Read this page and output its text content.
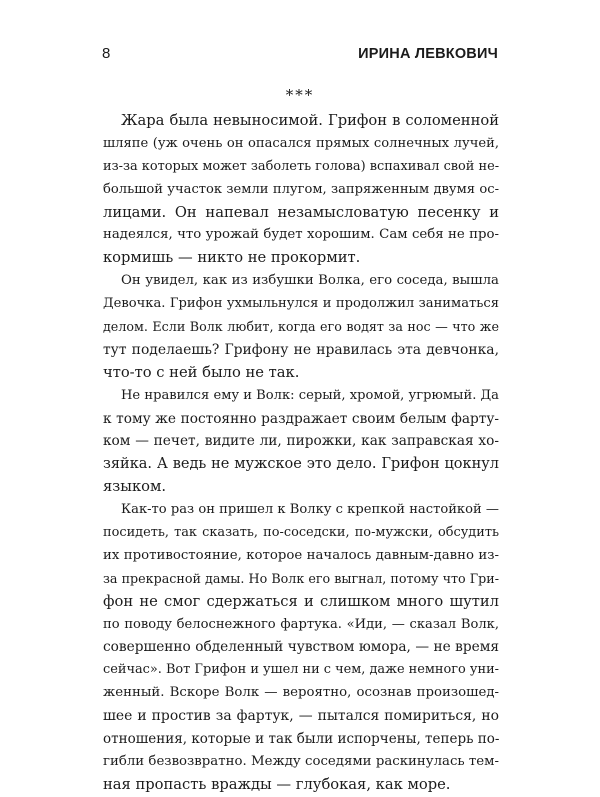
8	ИРИНА ЛЕВКОВИЧ
***
Жара была невыносимой. Грифон в соломенной
шляпе (уж очень он опасался прямых солнечных лучей,
из-за которых может заболеть голова) вспахивал свой не-
большой участок земли плугом, запряженным двумя ос-
лицами. Он напевал незамысловатую песенку и
надеялся, что урожай будет хорошим. Сам себя не про-
кормишь — никто не прокормит.
Он увидел, как из избушки Волка, его соседа, вышла
Девочка. Грифон ухмыльнулся и продолжил заниматься
делом. Если Волк любит, когда его водят за нос — что же
тут поделаешь? Грифону не нравилась эта девчонка,
что-то с ней было не так.
Не нравился ему и Волк: серый, хромой, угрюмый. Да
к тому же постоянно раздражает своим белым фарту-
ком — печет, видите ли, пирожки, как заправская хо-
зяйка. А ведь не мужское это дело. Грифон цокнул
языком.
Как-то раз он пришел к Волку с крепкой настойкой —
посидеть, так сказать, по-соседски, по-мужски, обсудить
их противостояние, которое началось давным-давно из-
за прекрасной дамы. Но Волк его выгнал, потому что Гри-
фон не смог сдержаться и слишком много шутил
по поводу белоснежного фартука. «Иди, — сказал Волк,
совершенно обделенный чувством юмора, — не время
сейчас». Вот Грифон и ушел ни с чем, даже немного уни-
женный. Вскоре Волк — вероятно, осознав произошед-
шее и простив за фартук, — пытался помириться, но
отношения, которые и так были испорчены, теперь по-
гибли безвозвратно. Между соседями раскинулась тем-
ная пропасть вражды — глубокая, как море.
